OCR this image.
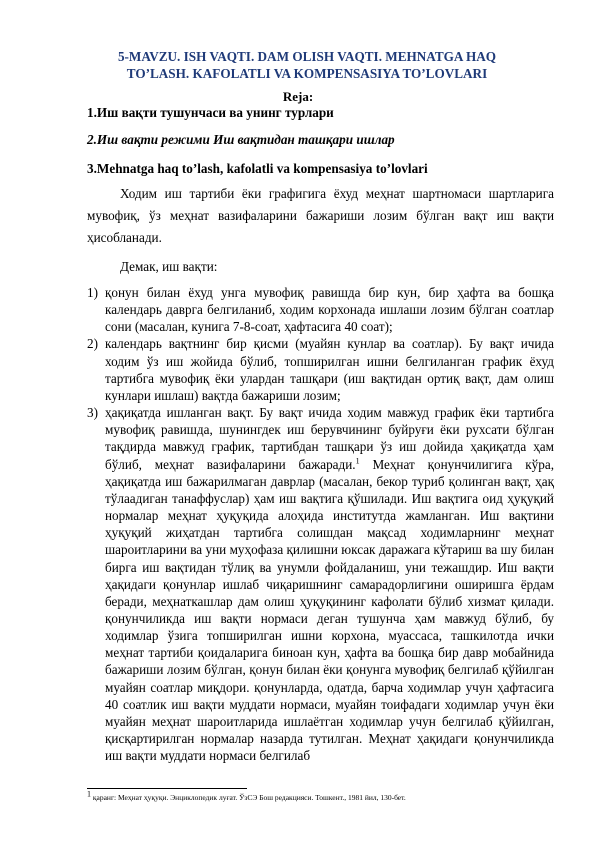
5-MAVZU. ISH VAQTI. DAM OLISH VAQTI. MEHNATGA HAQ
TO’LASH. KAFOLATLI VA KOMPENSASIYA TO’LOVLARI
Reja:
1.Иш вақти тушунчаси ва унинг турлари
2.Иш вақти режими Иш вақтидан ташқари ишлар
3.Mehnatga haq to’lash, kafolatli va kompensasiya to’lovlari
Ходим иш тартиби ёки графигига ёхуд меҳнат шартномаси шартларига мувофиқ, ўз меҳнат вазифаларини бажариши лозим бўлган вақт иш вақти ҳисобланади.
Демак, иш вақти:
1) қонун билан ёхуд унга мувофиқ равишда бир кун, бир ҳафта ва бошқа календарь даврга белгиланиб, ходим корхонада ишлаши лозим бўлган соатлар сони (масалан, кунига 7-8-соат, ҳафтасига 40 соат);
2) календарь вақтнинг бир қисми (муайян кунлар ва соатлар). Бу вақт ичида ходим ўз иш жойида бўлиб, топширилган ишни белгиланган график ёхуд тартибга мувофиқ ёки улардан ташқари (иш вақтидан ортиқ вақт, дам олиш кунлари ишлаш) вақтда бажариши лозим;
3) ҳақиқатда ишланган вақт. Бу вақт ичида ходим мавжуд график ёки тартибга мувофиқ равишда, шунингдек иш берувчининг буйруғи ёки рухсати бўлган тақдирда мавжуд график, тартибдан ташқари ўз иш дойида ҳақиқатда ҳам бўлиб, меҳнат вазифаларини бажаради.$^1$ Меҳнат қонунчилигига кўра, ҳақиқатда иш бажарилмаган даврлар (масалан, бекор туриб қолинган вақт, ҳақ тўлаадиган танаффуслар) ҳам иш вақтига қўшилади. Иш вақтига оид ҳуқуқий нормалар меҳнат ҳуқуқида алоҳида институтда жамланган. Иш вақтини ҳуқуқий жиҳатдан тартибга солишдан мақсад ходимларнинг меҳнат шароитларини ва уни муҳофаза қилишни юксак даражага кўтариш ва шу билан бирга иш вақтидан тўлиқ ва унумли фойдаланиш, уни тежашдир. Иш вақти ҳақидаги қонунлар ишлаб чиқаришнинг самарадорлигини оширишга ёрдам беради, меҳнаткашлар дам олиш ҳуқуқининг кафолати бўлиб хизмат қилади. қонунчиликда иш вақти нормаси деган тушунча ҳам мавжуд бўлиб, бу ходимлар ўзига топширилган ишни корхона, муассаса, ташкилотда ички меҳнат тартиби қоидаларига биноан кун, ҳафта ва бошқа бир давр мобайнида бажариши лозим бўлган, қонун билан ёки қонунга мувофиқ белгилаб қўйилган муайян соатлар миқдори. қонунларда, одатда, барча ходимлар учун ҳафтасига 40 соатлик иш вақти муддати нормаси, муайян тоифадаги ходимлар учун ёки муайян меҳнат шароитларида ишлаётган ходимлар учун белгилаб қўйилган, қисқартирилган нормалар назарда тутилган. Меҳнат ҳақидаги қонунчиликда иш вақти муддати нормаси белгилаб
$^1$ қаранг: Меҳнат ҳуқуқи. Энциклопедик луғат. ЎзСЭ Бош редакцияси. Тошкент., 1981 йил, 130-бет.
